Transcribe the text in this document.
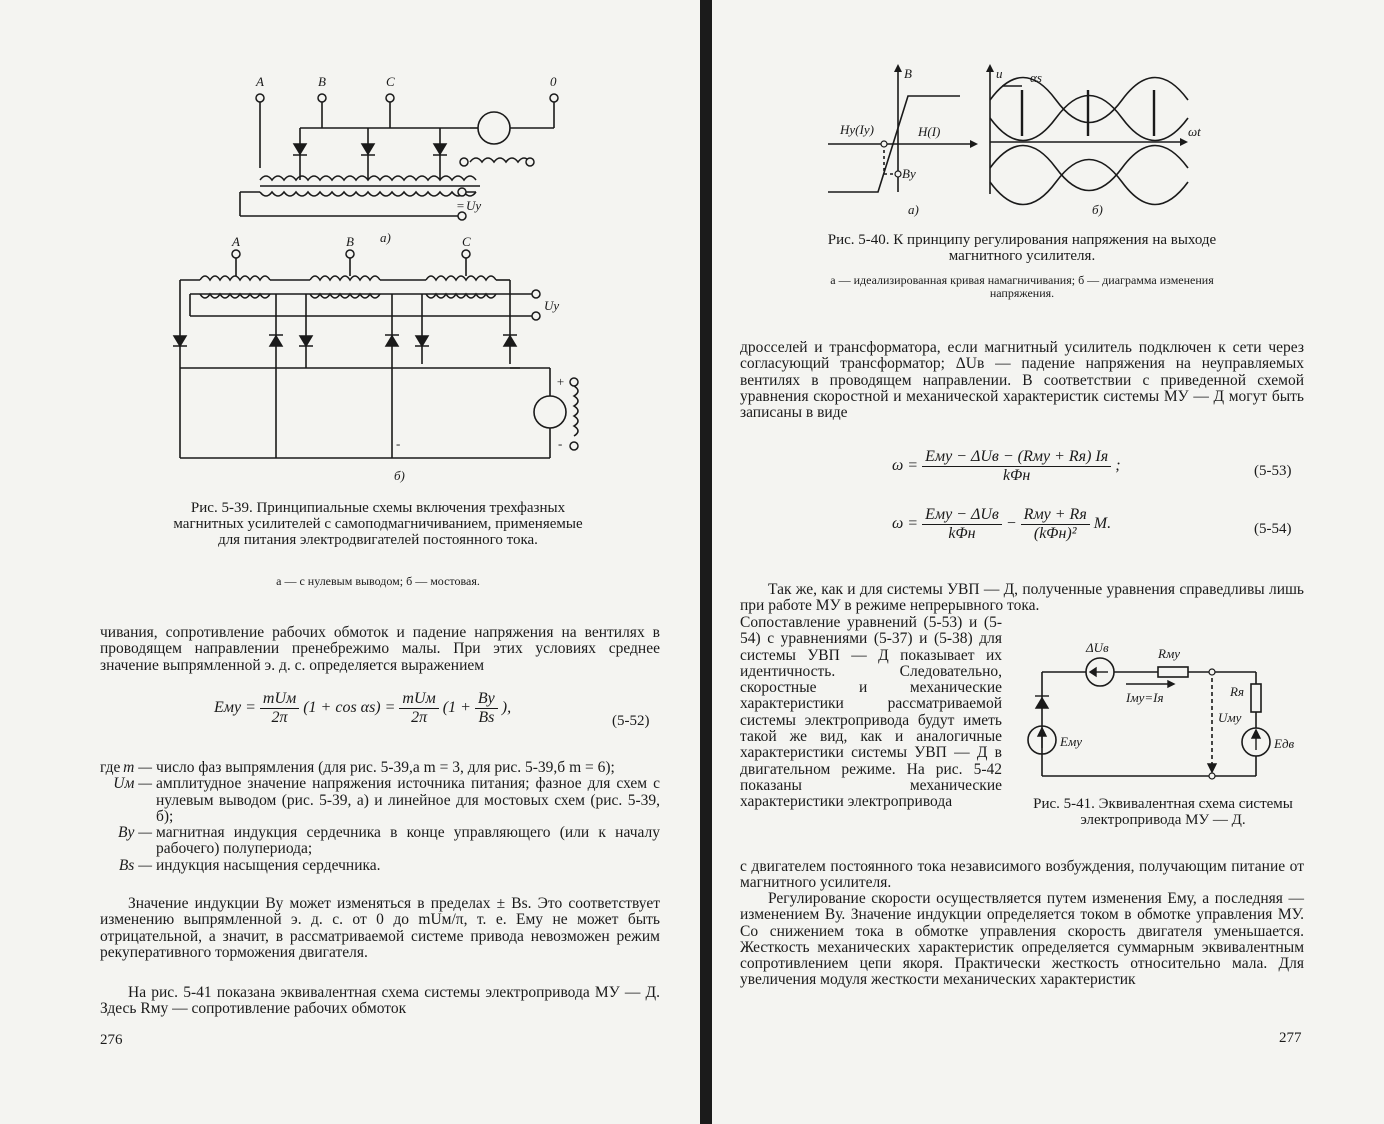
A	B	C	0
= Uy
а)
A	B	C
Uy
+
-
-
б)
Рис. 5-39. Принципиальные схемы включения трехфазных магнитных усилителей с самоподмагничиванием, применяемые для питания электродвигателей постоянного тока.
а — с нулевым выводом; б — мостовая.
чивания, сопротивление рабочих обмоток и падение напряжения на вентилях в проводящем направлении пренебрежимо малы. При этих условиях среднее значение выпрямленной э. д. с. определяется выражением
Eму = $\frac{\text{mUм}}{2\pi} (1 + \cos \alpha s) = \frac{\text{mUм}}{2\pi} (1 + \frac{Bу}{Bs}$ ),
(5-52)
где m — число фаз выпрямления (для рис. 5-39,а m = 3, для рис. 5-39,б m = 6);
Uм — амплитудное значение напряжения источника питания; фазное для схем с нулевым выводом (рис. 5-39, а) и линейное для мостовых схем (рис. 5-39, б);
Bу — магнитная индукция сердечника в конце управляющего (или к началу рабочего) полупериода;
Bs — индукция насыщения сердечника.
Значение индукции Bу может изменяться в пределах ± Bs. Это соответствует изменению выпрямленной э. д. с. от 0 до mUм/π, т. е. Eму не может быть отрицательной, а значит, в рассматриваемой системе привода невозможен режим рекуперативного торможения двигателя.
На рис. 5-41 показана эквивалентная схема системы электропривода МУ — Д. Здесь Rму — сопротивление рабочих обмоток
276
B
H(I)
Hy(Iy)
By
u αs
ωt
а)	б)
Рис. 5-40. К принципу регулирования напряжения на выходе магнитного усилителя.
а — идеализированная кривая намагничивания; б — диаграмма изменения напряжения.
дросселей и трансформатора, если магнитный усилитель подключен к сети через согласующий трансформатор; ΔUв — падение напряжения на неуправляемых вентилях в проводящем направлении. В соответствии с приведенной схемой уравнения скоростной и механической характеристик системы МУ — Д могут быть записаны в виде
$\omega = \frac{\text{Eму − ΔUв − (Rму + Rя) Iя}}{\text{kΦн}}$ ;	(5-53)
$\omega = \frac{\text{Eму − ΔUв}}{\text{kΦн}} - \frac{\text{Rму + Rя}}{\text{(kΦн)²}} M$.	(5-54)
Так же, как и для системы УВП — Д, полученные уравнения справедливы лишь при работе МУ в режиме непрерывного тока.
Сопоставление уравнений (5-53) и (5-54) с уравнениями (5-37) и (5-38) для системы УВП — Д показывает их идентичность. Следовательно, скоростные и механические характеристики рассматриваемой системы электропривода будут иметь такой же вид, как и аналогичные характеристики системы УВП — Д в двигательном режиме. На рис. 5-42 показаны механические характеристики электропривода
ΔUв	Rму
Iму=Iя	Rя
Uму
Eму	Eдв
Рис. 5-41. Эквивалентная схема системы электропривода МУ — Д.
с двигателем постоянного тока независимого возбуждения, получающим питание от магнитного усилителя.
Регулирование скорости осуществляется путем изменения Eму, а последняя — изменением Bу. Значение индукции определяется током в обмотке управления МУ. Со снижением тока в обмотке управления скорость двигателя уменьшается. Жесткость механических характеристик определяется суммарным эквивалентным сопротивлением цепи якоря. Практически жесткость относительно мала. Для увеличения модуля жесткости механических характеристик
277
